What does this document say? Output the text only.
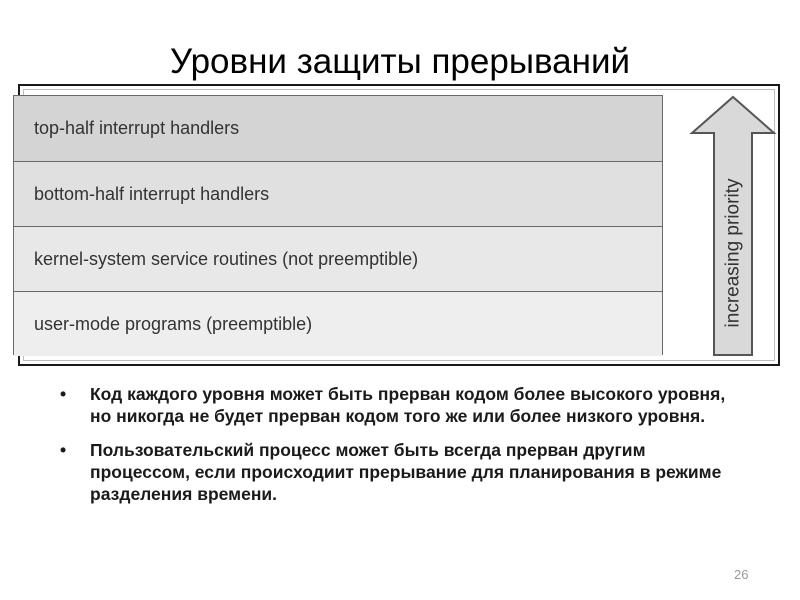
Уровни защиты прерываний
top-half interrupt handlers
bottom-half interrupt handlers
kernel-system service routines (not preemptible)
user-mode programs (preemptible)	increasing priority
•	Код каждого уровня может быть прерван кодом более высокого уровня, но никогда не будет прерван кодом того же или более низкого уровня.
•	Пользовательский процесс может быть всегда прерван другим процессом, если происходиит прерывание для планирования в режиме разделения времени.
26
